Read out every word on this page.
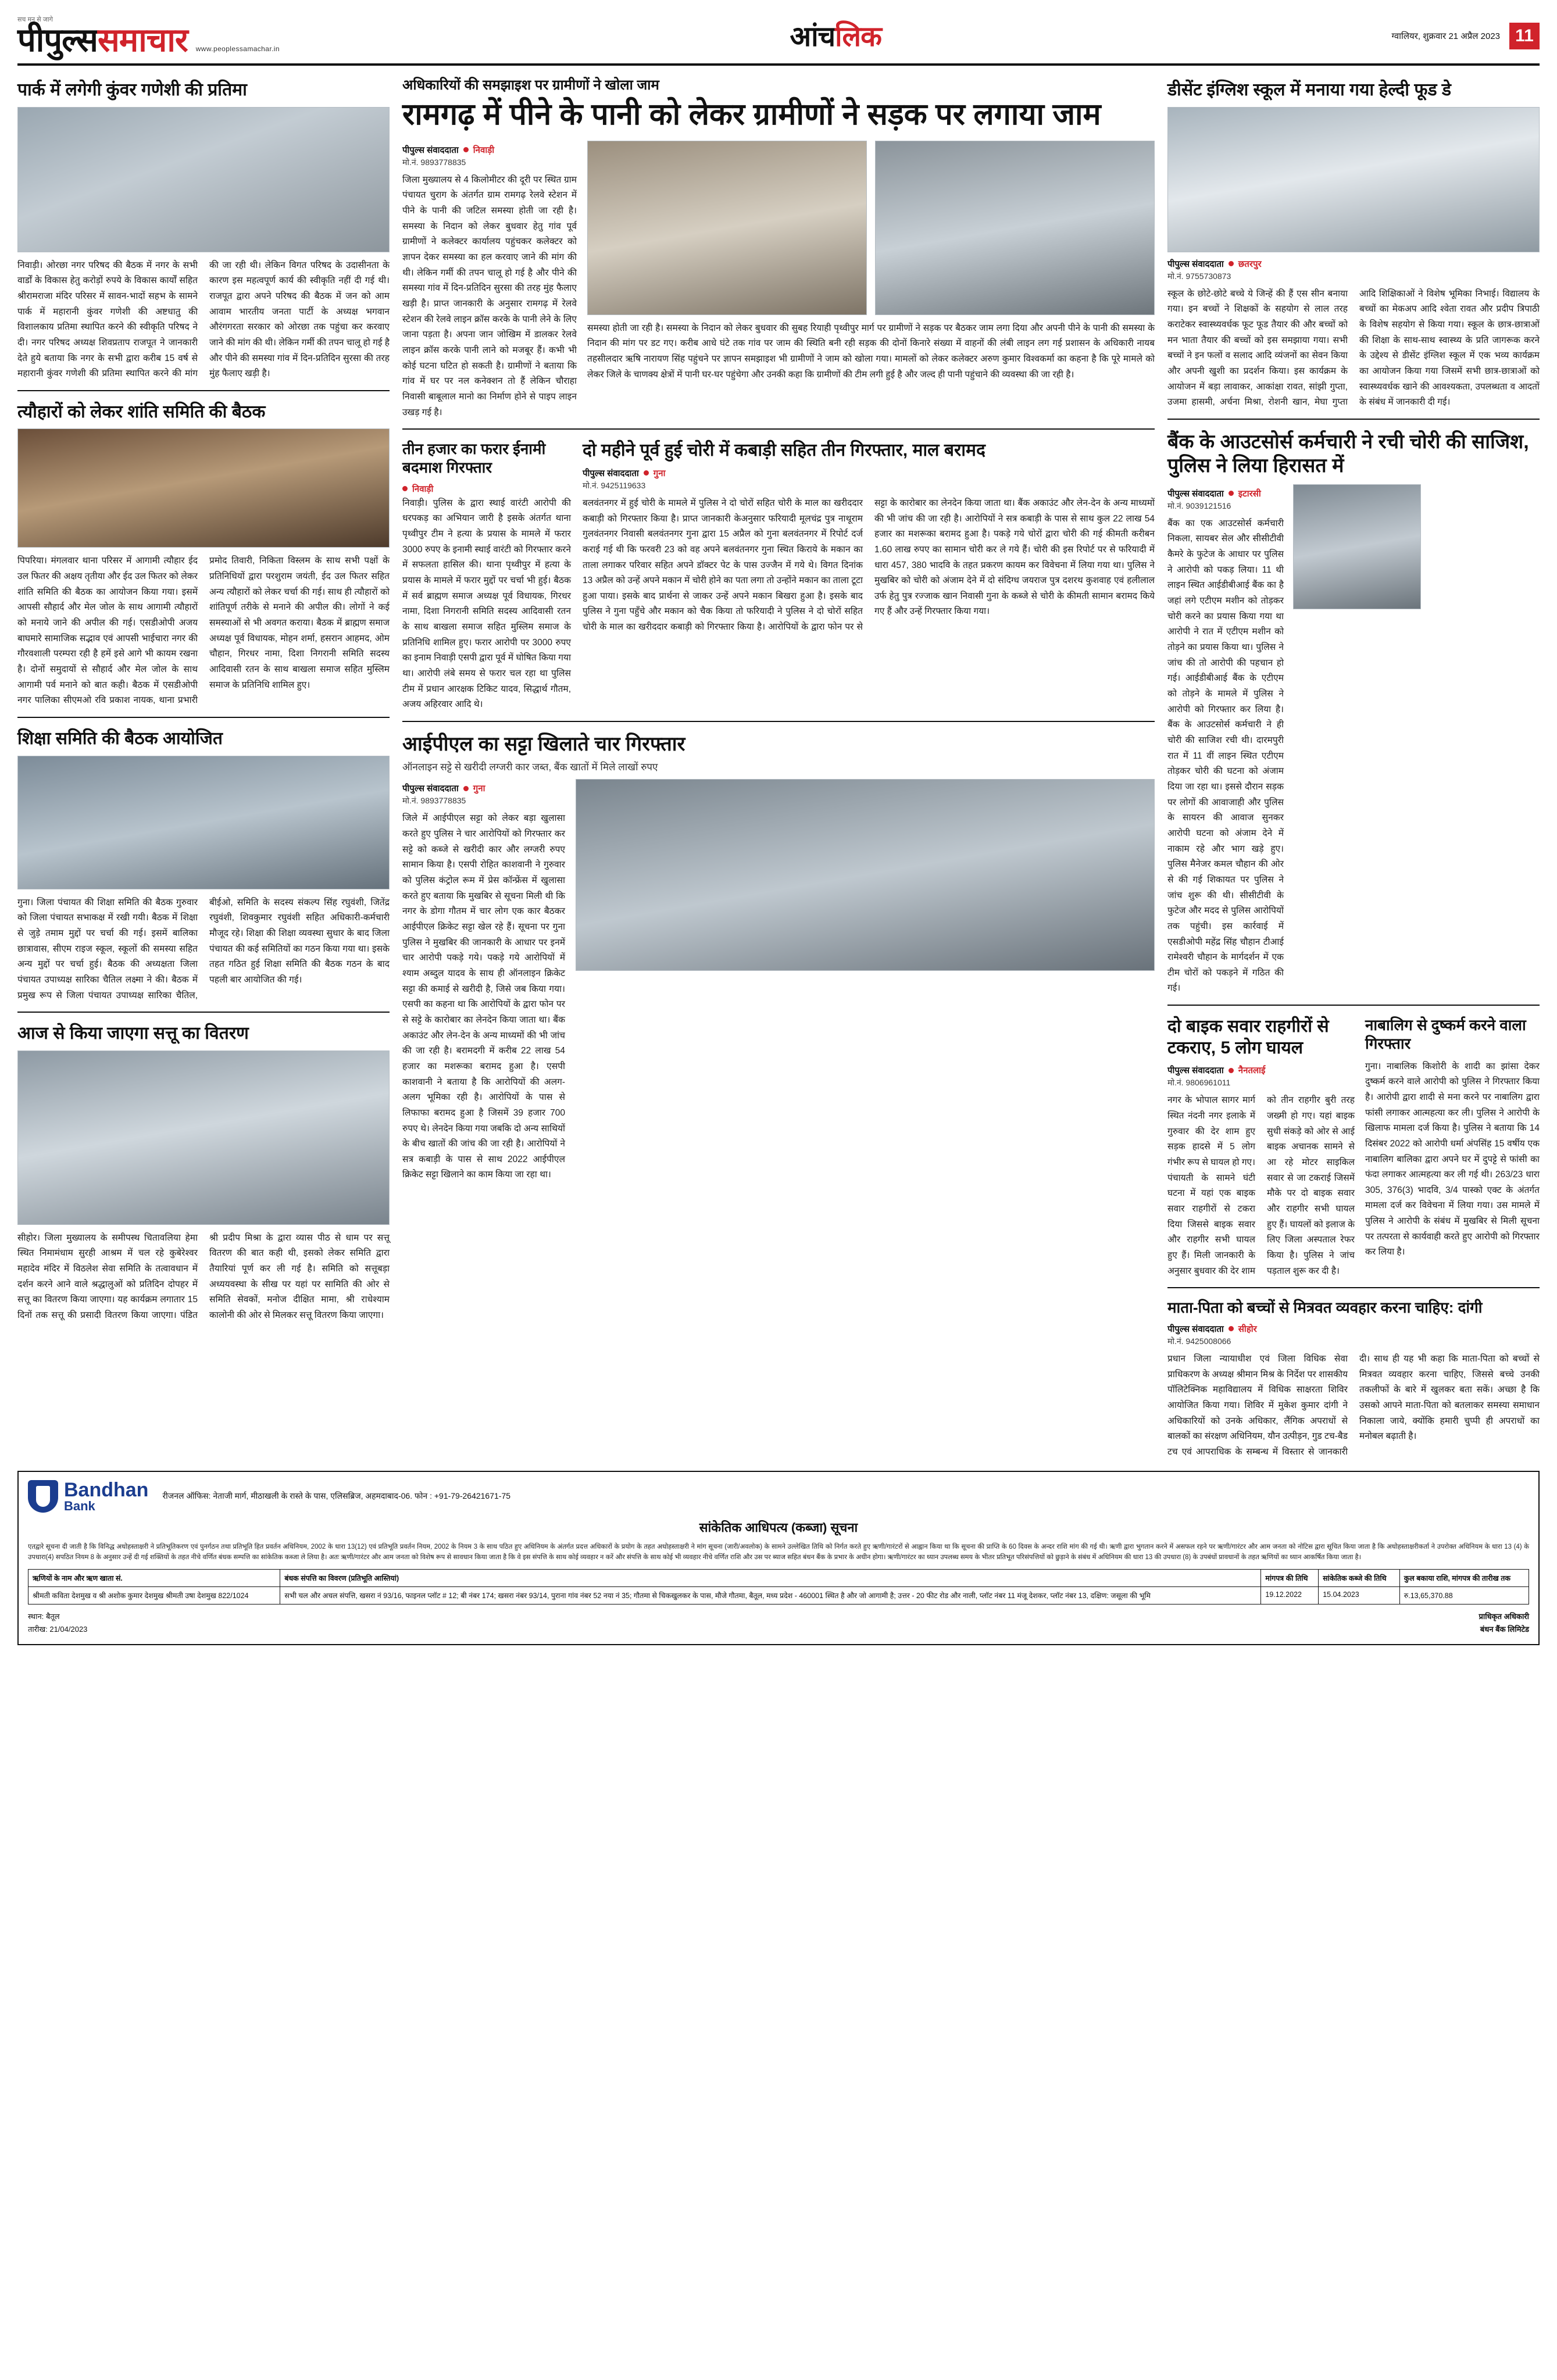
सच मन से जागे
पीपुल्ससमाचार www.peoplessamachar.in	आंचलिक	ग्वालियर, शुक्रवार 21 अप्रैल 2023 11
पार्क में लगेगी कुंवर गणेशी की प्रतिमा
निवाड़ी। ओरछा नगर परिषद की बैठक में नगर के सभी वार्डों के विकास हेतु करोड़ों रुपये के विकास कार्यों सहित श्रीरामराजा मंदिर परिसर में सावन-भादों सहभ के सामने पार्क में महारानी कुंवर गणेशी की अष्टधातु की विशालकाय प्रतिमा स्थापित करने की स्वीकृति परिषद ने दी। नगर परिषद अध्यक्ष शिवप्रताप राजपूत ने जानकारी देते हुये बताया कि नगर के सभी द्वारा करीब 15 वर्ष से महारानी कुंवर गणेशी की प्रतिमा स्थापित करने की मांग की जा रही थी। लेकिन विगत परिषद के उदासीनता के कारण इस महत्वपूर्ण कार्य की स्वीकृति नहीं दी गई थी। राजपूत द्वारा अपने परिषद की बैठक में जन को आम आवाम भारतीय जनता पार्टी के अध्यक्ष भगवान औरंगगरता सरकार को ओरछा तक पहुंचा कर करवाए जाने की मांग की थी। लेकिन गर्मी की तपन चालू हो गई है और पीने की समस्या गांव में दिन-प्रतिदिन सुरसा की तरह मुंह फैलाए खड़ी है।
त्यौहारों को लेकर शांति समिति की बैठक
पिपरिया। मंगलवार थाना परिसर में आगामी त्यौहार ईद उल फितर की अक्षय तृतीया और ईद उल फितर को लेकर शांति समिति की बैठक का आयोजन किया गया। इसमें आपसी सौहार्द और मेल जोल के साथ आगामी त्यौहारों को मनाये जाने की अपील की गई। एसडीओपी अजय बाघमारे सामाजिक सद्भाव एवं आपसी भाईचारा नगर की गौरवशाली परम्परा रही है हमें इसे आगे भी कायम रखना है। दोनों समुदायों से सौहार्द और मेल जोल के साथ आगामी पर्व मनाने को बात कही। बैठक में एसडीओपी नगर पालिका सीएमओ रवि प्रकाश नायक, थाना प्रभारी प्रमोद तिवारी, निकिता विस्लम के साथ सभी पक्षों के प्रतिनिधियों द्वारा परशुराम जयंती, ईद उल फितर सहित अन्य त्यौहारों को लेकर चर्चा की गई। साथ ही त्यौहारों को शांतिपूर्ण तरीके से मनाने की अपील की। लोगों ने कई समस्याओं से भी अवगत कराया। बैठक में ब्राह्मण समाज अध्यक्ष पूर्व विधायक, मोहन शर्मा, हसरान आहमद, ओम चौहान, गिरधर नामा, दिशा निगरानी समिति सदस्य आदिवासी रतन के साथ बाखला समाज सहित मुस्लिम समाज के प्रतिनिधि शामिल हुए।
शिक्षा समिति की बैठक आयोजित
गुना। जिला पंचायत की शिक्षा समिति की बैठक गुरुवार को जिला पंचायत सभाकक्ष में रखी गयी। बैठक में शिक्षा से जुड़े तमाम मुद्दों पर चर्चा की गई। इसमें बालिका छात्रावास, सीएम राइज स्कूल, स्कूलों की समस्या सहित अन्य मुद्दों पर चर्चा हुई। बैठक की अध्यक्षता जिला पंचायत उपाध्यक्ष सारिका चैतिल लक्ष्मा ने की। बैठक में प्रमुख रूप से जिला पंचायत उपाध्यक्ष सारिका चैतिल, बीईओ, समिति के सदस्य संकल्प सिंह रघुवंशी, जितेंद्र रघुवंशी, शिवकुमार रघुवंशी सहित अधिकारी-कर्मचारी मौजूद रहे। शिक्षा की शिक्षा व्यवस्था सुधार के बाद जिला पंचायत की कई समितियों का गठन किया गया था। इसके तहत गठित हुई शिक्षा समिति की बैठक गठन के बाद पहली बार आयोजित की गई।
आज से किया जाएगा सत्तू का वितरण
सीहोर। जिला मुख्यालय के समीपस्थ चितावलिया हेमा स्थित निमामंधाम सुरही आश्रम में चल रहे कुबेरेश्वर महादेव मंदिर में विठलेश सेवा समिति के तत्वावधान में दर्शन करने आने वाले श्रद्धालुओं को प्रतिदिन दोपहर में सत्तू का वितरण किया जाएगा। यह कार्यक्रम लगातार 15 दिनों तक सत्तू की प्रसादी वितरण किया जाएगा। पंडित श्री प्रदीप मिश्रा के द्वारा व्यास पीठ से धाम पर सत्तू वितरण की बात कही थी, इसको लेकर समिति द्वारा तैयारियां पूर्ण कर ली गई है। समिति को सत्तूबड़ा अध्ययवस्था के सीख पर यहां पर सामिति की ओर से समिति सेवकों, मनोज दीक्षित मामा, श्री राधेश्याम कालोनी की ओर से मिलकर सत्तू वितरण किया जाएगा।
अधिकारियों की समझाइश पर ग्रामीणों ने खोला जाम
रामगढ़ में पीने के पानी को लेकर ग्रामीणों ने सड़क पर लगाया जाम
पीपुल्स संवाददाता निवाड़ी
मो.नं. 9893778835
जिला मुख्यालय से 4 किलोमीटर की दूरी पर स्थित ग्राम पंचायत चुराग के अंतर्गत ग्राम रामगढ़ रेलवे स्टेशन में पीने के पानी की जटिल समस्या होती जा रही है। समस्या के निदान को लेकर बुधवार हेतु गांव पूर्व ग्रामीणों ने कलेक्टर कार्यालय पहुंचकर कलेक्टर को ज्ञापन देकर समस्या का हल करवाए जाने की मांग की थी। लेकिन गर्मी की तपन चालू हो गई है और पीने की समस्या गांव में दिन-प्रतिदिन सुरसा की तरह मुंह फैलाए खड़ी है। प्राप्त जानकारी के अनुसार रामगढ़ में रेलवे स्टेशन की रेलवे लाइन क्रॉस करके के पानी लेने के लिए जाना पड़ता है। अपना जान जोखिम में डालकर रेलवे लाइन क्रॉस करके पानी लाने को मजबूर हैं। कभी भी कोई घटना घटित हो सकती है। ग्रामीणों ने बताया कि गांव में घर पर नल कनेक्शन तो हैं लेकिन चौराहा निवासी बाबूलाल मानो का निर्माण होने से पाइप लाइन उखड़ गई है।
समस्या होती जा रही है। समस्या के निदान को लेकर बुधवार की सुबह रियाही पृथ्वीपुर मार्ग पर ग्रामीणों ने सड़क पर बैठकर जाम लगा दिया और अपनी पीने के पानी की समस्या के निदान की मांग पर डट गए। करीब आधे घंटे तक गांव पर जाम की स्थिति बनी रही सड़क की दोनों किनारे संख्या में वाहनों की लंबी लाइन लग गई प्रशासन के अधिकारी नायब तहसीलदार ऋषि नारायण सिंह पहुंचने पर ज्ञापन समझाइश भी ग्रामीणों ने जाम को खोला गया। मामलों को लेकर कलेक्टर अरुण कुमार विश्वकर्मा का कहना है कि पूरे मामले को लेकर जिले के चाणक्य क्षेत्रों में पानी घर-घर पहुंचेगा और उनकी कहा कि ग्रामीणों की टीम लगी हुई है और जल्द ही पानी पहुंचाने की व्यवस्था की जा रही है।
तीन हजार का फरार ईनामी बदमाश गिरफ्तार
निवाड़ी
निवाड़ी। पुलिस के द्वारा स्थाई वारंटी आरोपी की धरपकड़ का अभियान जारी है इसके अंतर्गत थाना पृथ्वीपुर टीम ने हत्या के प्रयास के मामले में फरार 3000 रुपए के इनामी स्थाई वारंटी को गिरफ्तार करने में सफलता हासिल की। थाना पृथ्वीपुर में हत्या के प्रयास के मामले में फरार मुद्दों पर चर्चा भी हुई। बैठक में सर्व ब्राह्मण समाज अध्यक्ष पूर्व विधायक, गिरधर नामा, दिशा निगरानी समिति सदस्य आदिवासी रतन के साथ बाखला समाज सहित मुस्लिम समाज के प्रतिनिधि शामिल हुए। फरार आरोपी पर 3000 रुपए का इनाम निवाड़ी एसपी द्वारा पूर्व में घोषित किया गया था। आरोपी लंबे समय से फरार चल रहा था पुलिस टीम में प्रधान आरक्षक टिकिट यादव, सिद्धार्थ गौतम, अजय अहिरवार आदि थे।
दो महीने पूर्व हुई चोरी में कबाड़ी सहित तीन गिरफ्तार, माल बरामद
पीपुल्स संवाददाता गुना
मो.नं. 9425119633
बलवंतनगर में हुई चोरी के मामले में पुलिस ने दो चोरों सहित चोरी के माल का खरीददार कबाड़ी को गिरफ्तार किया है। प्राप्त जानकारी केअनुसार फरियादी मूलचंद्र पुत्र नाथूराम गुलवंतनगर निवासी बलवंतनगर गुना द्वारा 15 अप्रैल को गुना बलवंतनगर में रिपोर्ट दर्ज कराई गई थी कि फरवरी 23 को वह अपने बलवंतनगर गुना स्थित किराये के मकान का ताला लगाकर परिवार सहित अपने डॉक्टर पेट के पास उज्जैन में गये थे। विगत दिनांक 13 अप्रैल को उन्हें अपने मकान में चोरी होने का पता लगा तो उन्होंने मकान का ताला टूटा हुआ पाया। इसके बाद प्रार्थना से जाकर उन्हें अपने मकान बिखरा हुआ है। इसके बाद पुलिस ने गुना पहुँचे और मकान को चैक किया तो फरियादी ने पुलिस ने दो चोरों सहित चोरी के माल का खरीददार कबाड़ी को गिरफ्तार किया है। आरोपियों के द्वारा फोन पर से सट्टा के कारोबार का लेनदेन किया जाता था। बैंक अकाउंट और लेन-देन के अन्य माध्यमों की भी जांच की जा रही है। आरोपियों ने सत्र कबाड़ी के पास से साथ कुल 22 लाख 54 हजार का मशरूका बरामद हुआ है। पकड़े गये चोरों द्वारा चोरी की गई कीमती करीबन 1.60 लाख रुपए का सामान चोरी कर ले गये हैं। चोरी की इस रिपोर्ट पर से फरियादी में धारा 457, 380 भादवि के तहत प्रकरण कायम कर विवेचना में लिया गया था। पुलिस ने मुखबिर को चोरी को अंजाम देने में दो संदिग्ध जयराज पुत्र दशरथ कुशवाह एवं हलीलाल उर्फ हेतु पुत्र रज्जाक खान निवासी गुना के कब्जे से चोरी के कीमती सामान बरामद किये गए हैं और उन्हें गिरफ्तार किया गया।
आईपीएल का सट्टा खिलाते चार गिरफ्तार
ऑनलाइन सट्टे से खरीदी लग्जरी कार जब्त, बैंक खातों में मिले लाखों रुपए
पीपुल्स संवाददाता गुना
मो.नं. 9893778835
जिले में आईपीएल सट्टा को लेकर बड़ा खुलासा करते हुए पुलिस ने चार आरोपियों को गिरफ्तार कर सट्टे को कब्जे से खरीदी कार और लग्जरी रुपए सामान किया है। एसपी रोहित काशवानी ने गुरुवार को पुलिस कंट्रोल रूम में प्रेस कॉन्फ्रेंस में खुलासा करते हुए बताया कि मुखबिर से सूचना मिली थी कि नगर के डोगा गौतम में चार लोग एक कार बैठकर आईपीएल क्रिकेट सट्टा खेल रहे हैं। सूचना पर गुना पुलिस ने मुखबिर की जानकारी के आधार पर इनमें चार आरोपी पकड़े गये। पकड़े गये आरोपियों में श्याम अब्दुल यादव के साथ ही ऑनलाइन क्रिकेट सट्टा की कमाई से खरीदी है, जिसे जब किया गया। एसपी का कहना था कि आरोपियों के द्वारा फोन पर से सट्टे के कारोबार का लेनदेन किया जाता था। बैंक अकाउंट और लेन-देन के अन्य माध्यमों की भी जांच की जा रही है। बरामदगी में करीब 22 लाख 54 हजार का मशरूका बरामद हुआ है। एसपी काशवानी ने बताया है कि आरोपियों की अलग-अलग भूमिका रही है। आरोपियों के पास से लिफाफा बरामद हुआ है जिसमें 39 हजार 700 रुपए थे। लेनदेन किया गया जबकि दो अन्य साथियों के बीच खातों की जांच की जा रही है। आरोपियों ने सत्र कबाड़ी के पास से साथ 2022 आईपीएल क्रिकेट सट्टा खिलाने का काम किया जा रहा था।
डीसेंट इंग्लिश स्कूल में मनाया गया हेल्दी फूड डे
पीपुल्स संवाददाता छतरपुर
मो.नं. 9755730873
स्कूल के छोटे-छोटे बच्चे ये जिन्हें की हैं एस सीन बनाया गया। इन बच्चों ने शिक्षकों के सहयोग से लाल तरह कराटेकर स्वास्थ्यवर्धक फूट फूड तैयार की और बच्चों को मन भाता तैयार की बच्चों को इस समझाया गया। सभी बच्चों ने इन फलों व सलाद आदि व्यंजनों का सेवन किया और अपनी खुशी का प्रदर्शन किया। इस कार्यक्रम के आयोजन में बड़ा लावाकर, आकांक्षा रावत, सांझी गुप्ता, उजमा हासमी, अर्चना मिश्रा, रोशनी खान, मेघा गुप्ता आदि शिक्षिकाओं ने विशेष भूमिका निभाई। विद्यालय के बच्चों का मेकअप आदि श्वेता रावत और प्रदीप त्रिपाठी के विशेष सहयोग से किया गया। स्कूल के छात्र-छात्राओं की शिक्षा के साथ-साथ स्वास्थ्य के प्रति जागरूक करने के उद्देश्य से डीसेंट इंग्लिश स्कूल में एक भव्य कार्यक्रम का आयोजन किया गया जिसमें सभी छात्र-छात्राओं को स्वास्थ्यवर्धक खाने की आवश्यकता, उपलब्धता व आदतों के संबंध में जानकारी दी गई।
बैंक के आउटसोर्स कर्मचारी ने रची चोरी की साजिश, पुलिस ने लिया हिरासत में
पीपुल्स संवाददाता इटारसी
मो.नं. 9039121516
बैंक का एक आउटसोर्स कर्मचारी निकला, सायबर सेल और सीसीटीवी कैमरे के फुटेज के आधार पर पुलिस ने आरोपी को पकड़ लिया। 11 थी लाइन स्थित आईडीबीआई बैंक का है जहां लगे एटीएम मशीन को तोड़कर चोरी करने का प्रयास किया गया था आरोपी ने रात में एटीएम मशीन को तोड़ने का प्रयास किया था। पुलिस ने जांच की तो आरोपी की पहचान हो गई। आईडीबीआई बैंक के एटीएम को तोड़ने के मामले में पुलिस ने आरोपी को गिरफ्तार कर लिया है। बैंक के आउटसोर्स कर्मचारी ने ही चोरी की साजिश रची थी। दारमपुरी रात में 11 वीं लाइन स्थित एटीएम तोड़कर चोरी की घटना को अंजाम दिया जा रहा था। इससे दौरान सड़क पर लोगों की आवाजाही और पुलिस के सायरन की आवाज सुनकर आरोपी घटना को अंजाम देने में नाकाम रहे और भाग खड़े हुए। पुलिस मैनेजर कमल चौहान की ओर से की गई शिकायत पर पुलिस ने जांच शुरू की थी। सीसीटीवी के फुटेज और मदद से पुलिस आरोपियों तक पहुंची। इस कार्रवाई में एसडीओपी महेंद्र सिंह चौहान टीआई रामेश्वरी चौहान के मार्गदर्शन में एक टीम चोरों को पकड़ने में गठित की गई।
दो बाइक सवार राहगीरों से टकराए, 5 लोग घायल
पीपुल्स संवाददाता नैनतलाई
मो.नं. 9806961011
नगर के भोपाल सागर मार्ग स्थित नंदनी नगर इलाके में गुरुवार की देर शाम हुए सड़क हादसे में 5 लोग गंभीर रूप से घायल हो गए। पंचायती के सामने घंटी घटना में यहां एक बाइक सवार राहगीरों से टकरा दिया जिससे बाइक सवार और राहगीर सभी घायल हुए हैं। मिली जानकारी के अनुसार बुधवार की देर शाम को तीन राहगीर बुरी तरह जख्मी हो गए। यहां बाइक सुधी संकड़े को ओर से आई बाइक अचानक सामने से आ रहे मोटर साइकिल सवार से जा टकराई जिसमें मौके पर दो बाइक सवार और राहगीर सभी घायल हुए हैं। घायलों को इलाज के लिए जिला अस्पताल रेफर किया है। पुलिस ने जांच पड़ताल शुरू कर दी है।
नाबालिग से दुष्कर्म करने वाला गिरफ्तार
गुना। नाबालिक किशोरी के शादी का झांसा देकर दुष्कर्म करने वाले आरोपी को पुलिस ने गिरफ्तार किया है। आरोपी द्वारा शादी से मना करने पर नाबालिग द्वारा फांसी लगाकर आत्महत्या कर ली। पुलिस ने आरोपी के खिलाफ मामला दर्ज किया है। पुलिस ने बताया कि 14 दिसंबर 2022 को आरोपी धर्मा अंपसिंह 15 वर्षीय एक नाबालिग बालिका द्वारा अपने घर में दुपट्टे से फांसी का फंदा लगाकर आत्महत्या कर ली गई थी। 263/23 धारा 305, 376(3) भादवि, 3/4 पास्को एक्ट के अंतर्गत मामला दर्ज कर विवेचना में लिया गया। उस मामले में पुलिस ने आरोपी के संबंध में मुखबिर से मिली सूचना पर तत्परता से कार्यवाही करते हुए आरोपी को गिरफ्तार कर लिया है।
माता-पिता को बच्चों से मित्रवत व्यवहार करना चाहिए: दांगी
पीपुल्स संवाददाता सीहोर
मो.नं. 9425008066
प्रधान जिला न्यायाधीश एवं जिला विधिक सेवा प्राधिकरण के अध्यक्ष श्रीमान मिश्र के निर्देश पर शासकीय पॉलिटेक्निक महाविद्यालय में विधिक साक्षरता शिविर आयोजित किया गया। शिविर में मुकेश कुमार दांगी ने अधिकारियों को उनके अधिकार, लैंगिक अपराधों से बालकों का संरक्षण अधिनियम, यौन उत्पीड़न, गुड टच-बैड टच एवं आपराधिक के सम्बन्ध में विस्तार से जानकारी दी। साथ ही यह भी कहा कि माता-पिता को बच्चों से मित्रवत व्यवहार करना चाहिए, जिससे बच्चे उनकी तकलीफों के बारे में खुलकर बता सकें। अच्छा है कि उसको आपने माता-पिता को बतलाकर समस्या समाधान निकाला जाये, क्योंकि हमारी चुप्पी ही अपराधों का मनोबल बढ़ाती है।
Bandhan
Bank
रीजनल ऑफिस: नेताजी मार्ग, मीठाखली के रास्ते के पास, एलिसब्रिज, अहमदाबाद-06. फोन : +91-79-26421671-75
सांकेतिक आधिपत्य (कब्जा) सूचना
एतद्वारे सूचना दी जाती है कि विनिद्ध अधोहस्ताक्षरी ने प्रतिभूतिकरण एवं पुनर्गठन तथा प्रतिभूति हित प्रवर्तन अधिनियम, 2002 के धारा 13(12) एवं प्रतिभूति प्रवर्तन नियम, 2002 के नियम 3 के साथ पठित हुए अधिनियम के अंतर्गत प्रदत्त अधिकारों के प्रयोग के तहत अधोहस्ताक्षरी ने मांग सूचना (जारी/अवलोक) के सामने उल्लेखित तिथि को निर्गत करते हुए ऋणी/गारंटरों से आह्वान किया था कि सूचना की प्राप्ति के 60 दिवस के अन्दर राशि मांग की गई थी। ऋणी द्वारा भुगतान करने में असफल रहने पर ऋणी/गारंटर और आम जनता को नोटिस द्वारा सूचित किया जाता है कि अधोहस्ताक्षरीकर्ता ने उपरोक्त अधिनियम के धारा 13 (4) के उपधारा(4) सपठित नियम 8 के अनुसार उन्हें दी गई शक्तियों के तहत नीचे वर्णित बंधक सम्पत्ति का सांकेतिक कब्जा ले लिया है। अतः ऋणी/गारंटर और आम जनता को विशेष रूप से सावधान किया जाता है कि वे इस संपत्ति के साथ कोई व्यवहार न करें और संपत्ति के साथ कोई भी व्यवहार नीचे वर्णित राशि और उस पर ब्याज सहित बंधन बैंक के प्रभार के अधीन होगा। ऋणी/गारंटर का ध्यान उपलब्ध समय के भीतर प्रतिभूत परिसंपत्तियों को छुड़ाने के संबंध में अधिनियम की धारा 13 की उपधारा (8) के उपबंधों प्रावधानों के तहत ऋणियों का ध्यान आकर्षित किया जाता है।
ऋणियों के नाम और ऋण खाता सं.	बंधक संपत्ति का विवरण (प्रतिभूति आस्तियां)	मांगपत्र की तिथि	सांकेतिक कब्जे की तिथि	कुल बकाया राशि, मांगपत्र की तारीख तक
श्रीमती कविता देशमुख व श्री अशोक कुमार देशमुख श्रीमती उषा देशमुख 822/1024	सभी चल और अचल संपत्ति, खसरा नं 93/16, फाइनल प्लॉट # 12; बी नंबर 174; खसरा नंबर 93/14, पुराना गांव नंबर 52 नया नं 35; गौतमा से चिकखुलकर के पास, मौजे गौतमा, बैतूल, मध्य प्रदेश - 460001 स्थित है और जो आगामी है; उत्तर - 20 फीट रोड और नाली, प्लॉट नंबर 11 मंजू देशकर, प्लॉट नंबर 13, दक्षिण: जसूला की भूमि	19.12.2022	15.04.2023	रु.13,65,370.88
स्थान: बैतूल
तारीख: 21/04/2023
प्राधिकृत अधिकारी
बंधन बैंक लिमिटेड
